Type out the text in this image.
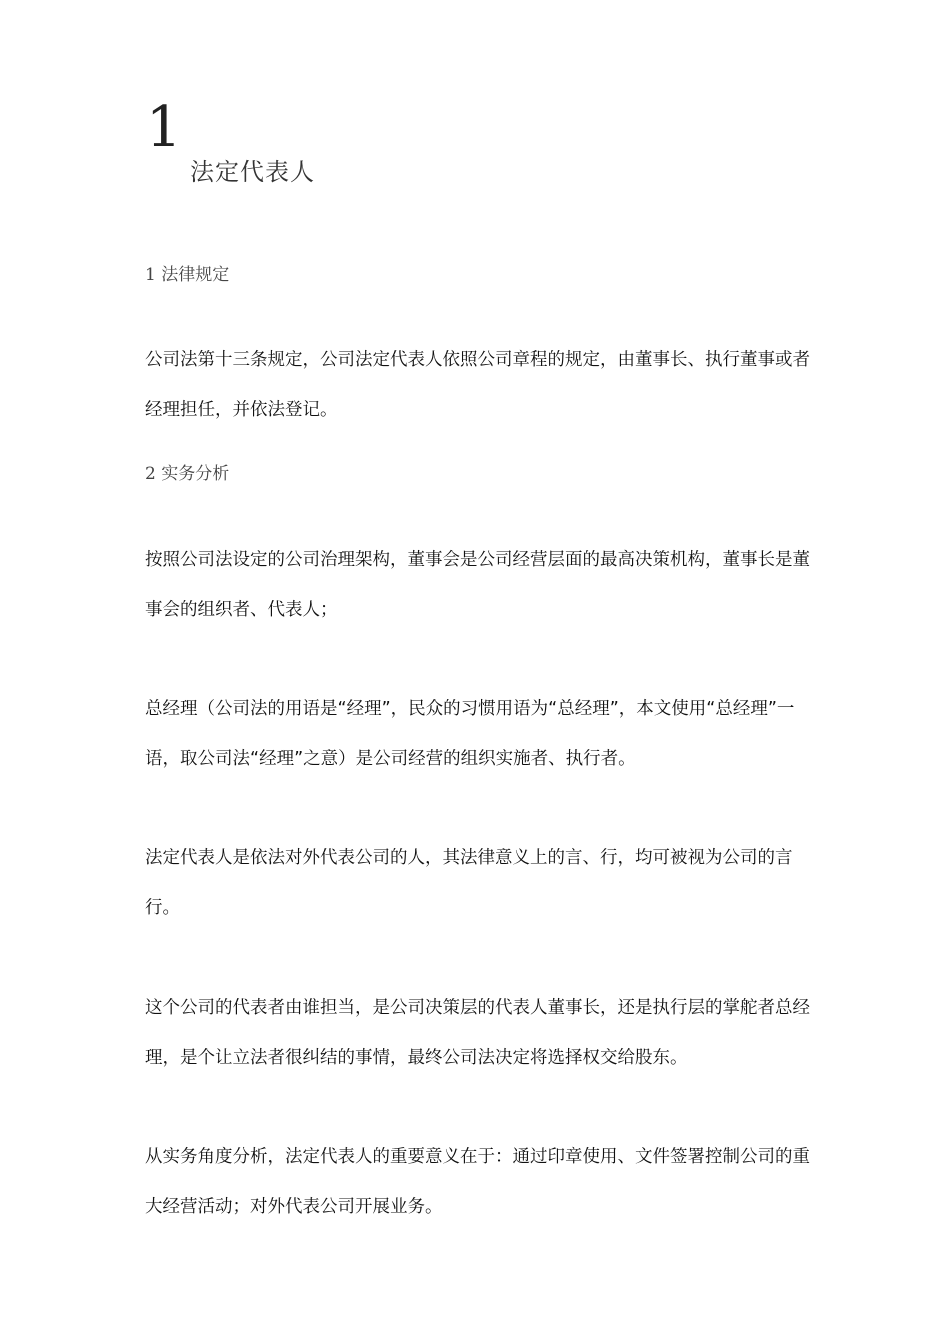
1
法定代表人
1 法律规定

公司法第十三条规定，公司法定代表人依照公司章程的规定，由董事长、执行董事或者经理担任，并依法登记。

2 实务分析

按照公司法设定的公司治理架构，董事会是公司经营层面的最高决策机构，董事长是董事会的组织者、代表人；

总经理（公司法的用语是“经理”，民众的习惯用语为“总经理”，本文使用“总经理”一语，取公司法“经理”之意）是公司经营的组织实施者、执行者。

法定代表人是依法对外代表公司的人，其法律意义上的言、行，均可被视为公司的言行。

这个公司的代表者由谁担当，是公司决策层的代表人董事长，还是执行层的掌舵者总经理，是个让立法者很纠结的事情，最终公司法决定将选择权交给股东。

从实务角度分析，法定代表人的重要意义在于：通过印章使用、文件签署控制公司的重大经营活动；对外代表公司开展业务。
